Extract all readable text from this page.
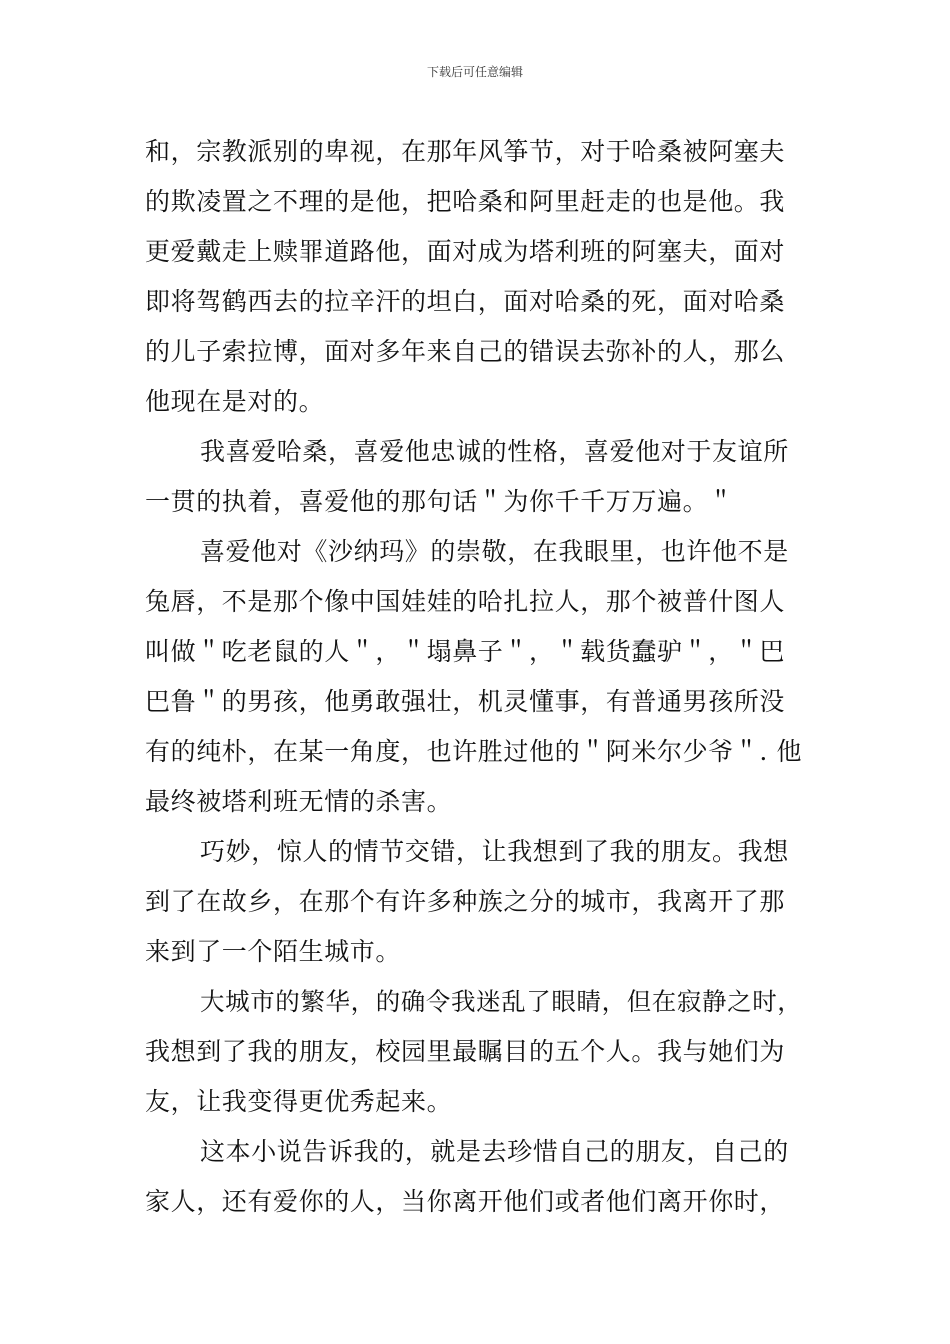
下载后可任意编辑
和，宗教派别的卑视，在那年风筝节，对于哈桑被阿塞夫
的欺凌置之不理的是他，把哈桑和阿里赶走的也是他。我
更爱戴走上赎罪道路他，面对成为塔利班的阿塞夫，面对
即将驾鹤西去的拉辛汗的坦白，面对哈桑的死，面对哈桑
的儿子索拉博，面对多年来自己的错误去弥补的人，那么
他现在是对的。
我喜爱哈桑，喜爱他忠诚的性格，喜爱他对于友谊所
一贯的执着，喜爱他的那句话＂为你千千万万遍。＂
喜爱他对《沙纳玛》的崇敬，在我眼里，也许他不是
兔唇，不是那个像中国娃娃的哈扎拉人，那个被普什图人
叫做＂吃老鼠的人＂，＂塌鼻子＂，＂载货蠢驴＂，＂巴
巴鲁＂的男孩，他勇敢强壮，机灵懂事，有普通男孩所没
有的纯朴，在某一角度，也许胜过他的＂阿米尔少爷＂. 他
最终被塔利班无情的杀害。
巧妙，惊人的情节交错，让我想到了我的朋友。我想
到了在故乡，在那个有许多种族之分的城市，我离开了那
来到了一个陌生城市。
大城市的繁华，的确令我迷乱了眼睛，但在寂静之时，
我想到了我的朋友，校园里最瞩目的五个人。我与她们为
友，让我变得更优秀起来。
这本小说告诉我的，就是去珍惜自己的朋友，自己的
家人，还有爱你的人，当你离开他们或者他们离开你时，
